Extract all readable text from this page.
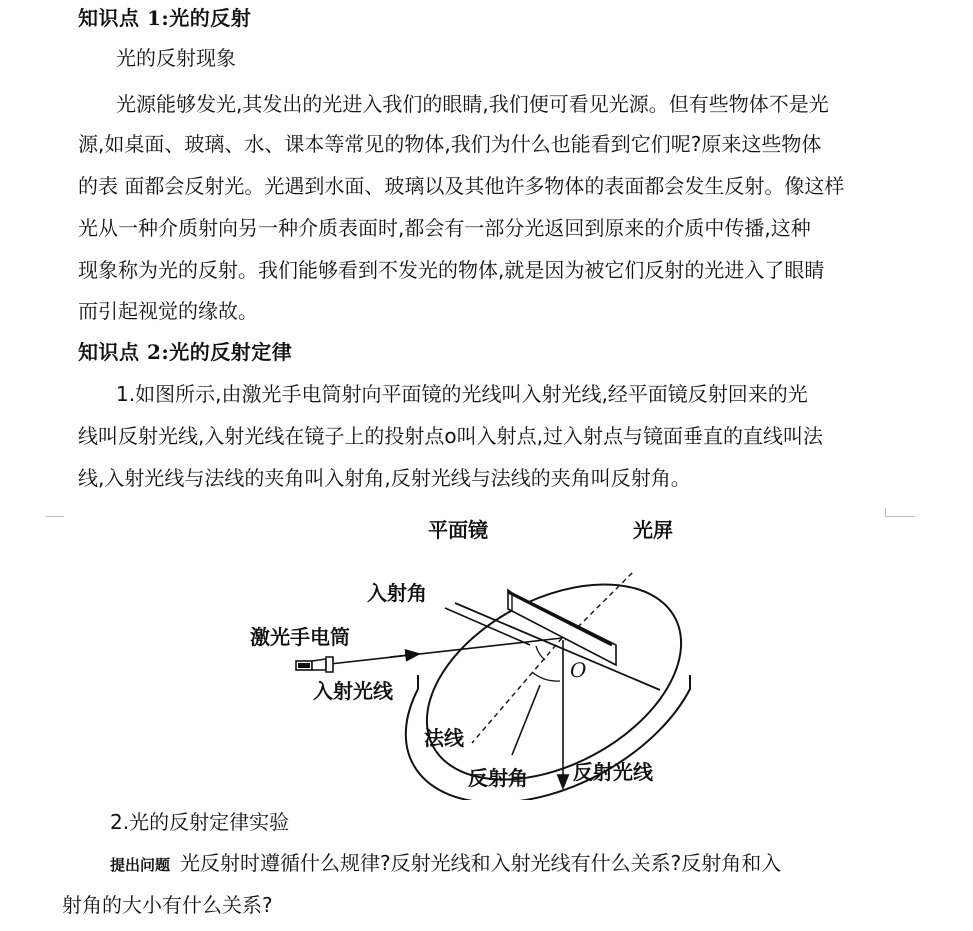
知识点 1:光的反射
光的反射现象
光源能够发光,其发出的光进入我们的眼睛,我们便可看见光源。但有些物体不是光
源,如桌面、玻璃、水、课本等常见的物体,我们为什么也能看到它们呢?原来这些物体
的表 面都会反射光。光遇到水面、玻璃以及其他许多物体的表面都会发生反射。像这样
光从一种介质射向另一种介质表面时,都会有一部分光返回到原来的介质中传播,这种
现象称为光的反射。我们能够看到不发光的物体,就是因为被它们反射的光进入了眼睛
而引起视觉的缘故。
知识点 2:光的反射定律
1.如图所示,由激光手电筒射向平面镜的光线叫入射光线,经平面镜反射回来的光
线叫反射光线,入射光线在镜子上的投射点o叫入射点,过入射点与镜面垂直的直线叫法
线,入射光线与法线的夹角叫入射角,反射光线与法线的夹角叫反射角。
平面镜	光屏
入射角
激光手电筒
O
入射光线
法线
反射角 反射光线
2.光的反射定律实验
提出问题 光反射时遵循什么规律?反射光线和入射光线有什么关系?反射角和入
射角的大小有什么关系?
